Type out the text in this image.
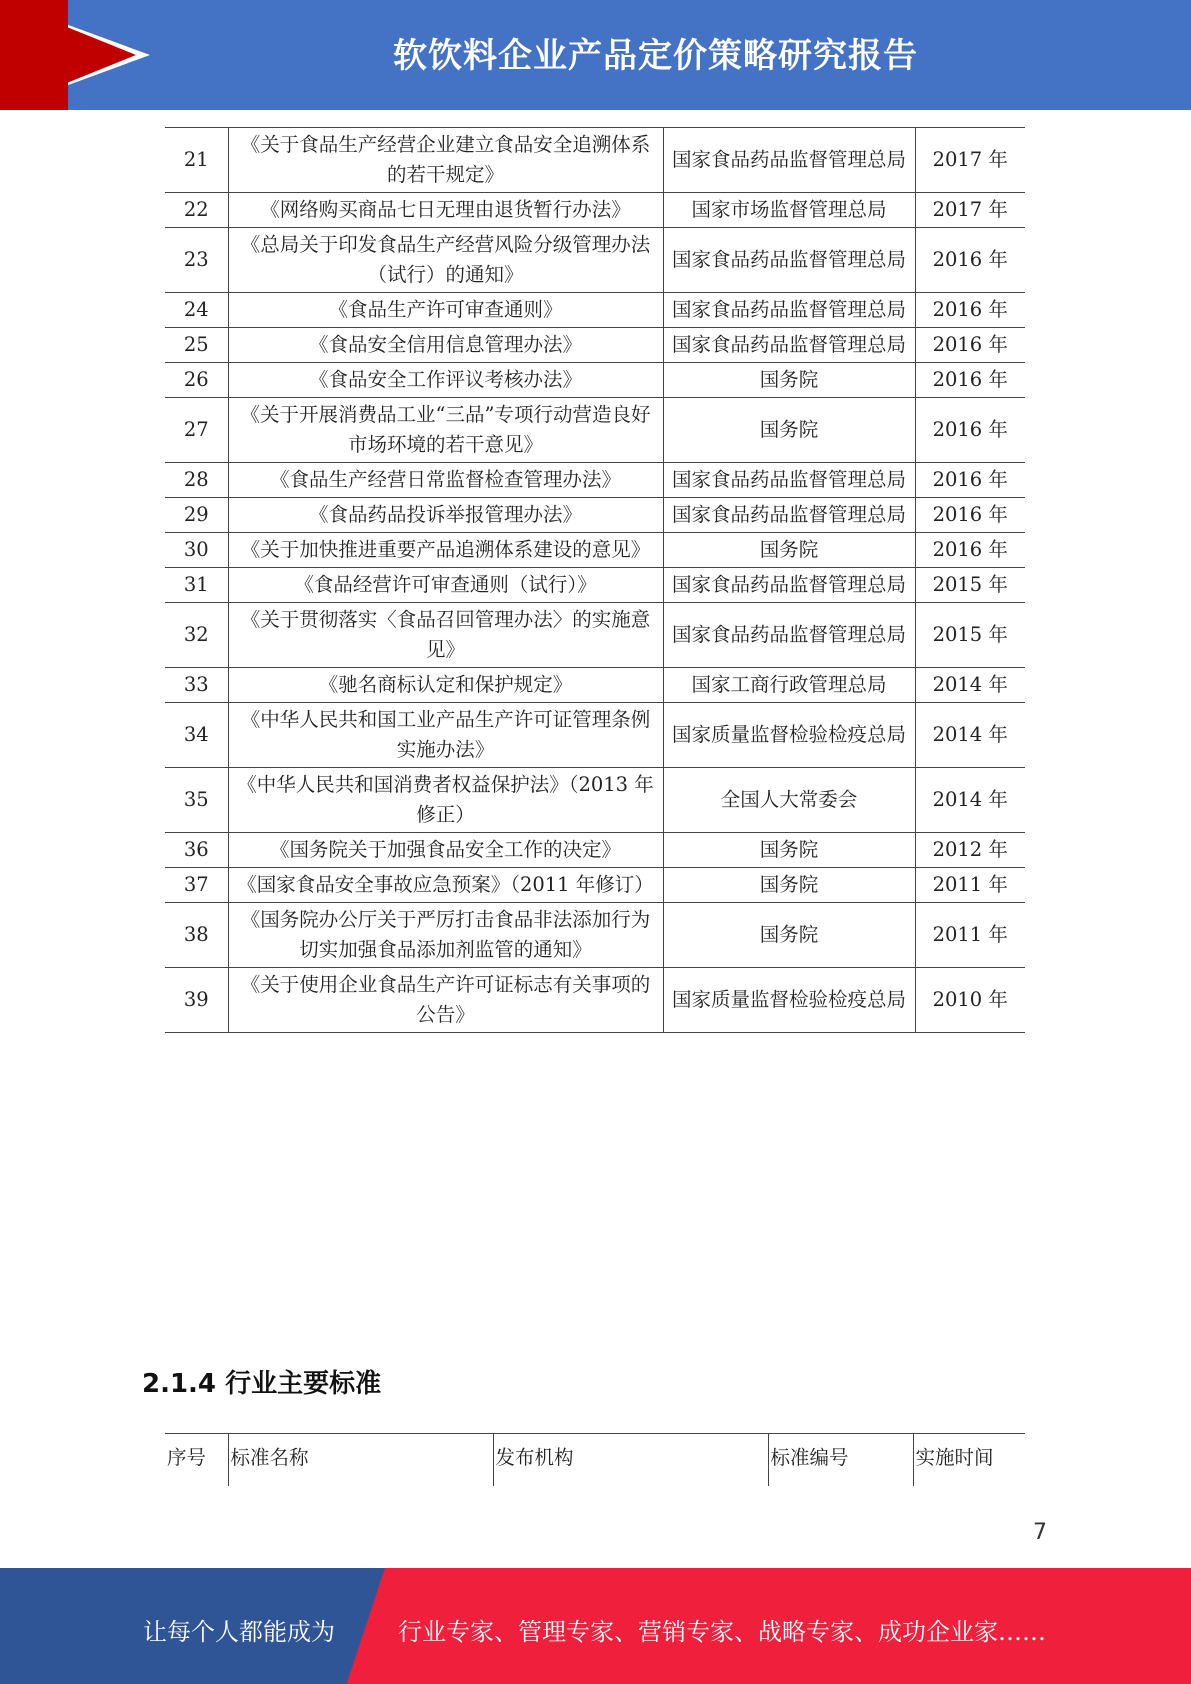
软饮料企业产品定价策略研究报告
21	《关于食品生产经营企业建立食品安全追溯体系的若干规定》	国家食品药品监督管理总局	2017 年
22	《网络购买商品七日无理由退货暂行办法》	国家市场监督管理总局	2017 年
23	《总局关于印发食品生产经营风险分级管理办法（试行）的通知》	国家食品药品监督管理总局	2016 年
24	《食品生产许可审查通则》	国家食品药品监督管理总局	2016 年
25	《食品安全信用信息管理办法》	国家食品药品监督管理总局	2016 年
26	《食品安全工作评议考核办法》	国务院	2016 年
27	《关于开展消费品工业“三品”专项行动营造良好市场环境的若干意见》	国务院	2016 年
28	《食品生产经营日常监督检查管理办法》	国家食品药品监督管理总局	2016 年
29	《食品药品投诉举报管理办法》	国家食品药品监督管理总局	2016 年
30	《关于加快推进重要产品追溯体系建设的意见》	国务院	2016 年
31	《食品经营许可审查通则（试行）》	国家食品药品监督管理总局	2015 年
32	《关于贯彻落实〈食品召回管理办法〉的实施意见》	国家食品药品监督管理总局	2015 年
33	《驰名商标认定和保护规定》	国家工商行政管理总局	2014 年
34	《中华人民共和国工业产品生产许可证管理条例实施办法》	国家质量监督检验检疫总局	2014 年
35	《中华人民共和国消费者权益保护法》（2013 年修正）	全国人大常委会	2014 年
36	《国务院关于加强食品安全工作的决定》	国务院	2012 年
37	《国家食品安全事故应急预案》（2011 年修订）	国务院	2011 年
38	《国务院办公厅关于严厉打击食品非法添加行为切实加强食品添加剂监管的通知》	国务院	2011 年
39	《关于使用企业食品生产许可证标志有关事项的公告》	国家质量监督检验检疫总局	2010 年
2.1.4 行业主要标准
序号	标准名称	发布机构	标准编号	实施时间
7
让每个人都能成为	行业专家、管理专家、营销专家、战略专家、成功企业家……
